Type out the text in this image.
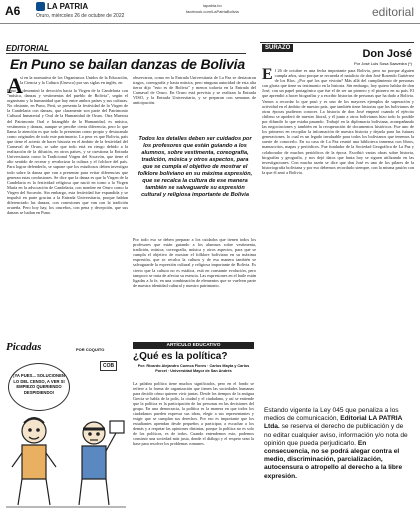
A6	LA PATRIA
Oruro, miércoles 26 de octubre de 2022
lapatria.bo
facebook.com/LaPatriaBolivia	editorial
EDITORIAL
En Puno se bailan danzas de Bolivia
A
sí en la normativa de los Organismos Unidos de la Educación, la Ciencia y la Cultura (Unesco) por sus siglas en inglés, en
Puno se denominó la devoción hacia la Virgen de la Candelaria con "música, danzas y vestimentas del pueblo de Bolivia", según el organismo y la humanidad que hay entre ambos países y sus culturas. No obstante, en Puno, Perú, se presenta la festividad de la Virgen de la Candelaria con danzas, que claramente son parte del Patrimonio Cultural Inmaterial y Oral de la Humanidad de Oruro. Otra Muestra del Patrimonio Oral e Intangible de la Humanidad, es música, vestimenta y danzas, aunque se percibe cierta diferencia, pero lo que llama la atención es que todo lo presentan como propio y destacando como originales de todo este patrimonio. Lo peor es que Bolivia, país que tiene el acierto de hacer historia en el ámbito de la festividad del Carnaval de Oruro, se sabe que todo está en riesgo debido a la realización de la difusión, en otros países, y se cuestiona la Entrada Universitaria como la Tradicional Virgen del Socavón, que tiene el alto sentido de recrear y revalorizar la cultura y el folclore del país. Para lograr defenderlo, se supone que los estudiosos deben investigar todo sobre la danza que van a presentar para evitar diferencias que generan estas confusiones. Se dice que la danza es que la Virgen de la Candelaria es la festividad religiosa que nació en torno a la Virgen María en la advocación de Candelaria, con nombre en Oruro como la Virgen del Socavón. Sin embargo, esta festividad fue expandida y se impulsó en parte gracias a la Entrada Universitaria, porque habían diferenciado las danzas, con conexiones que van con la tradición orureña. Pero hoy hay, los orureños, con pena y decepción, que sus danzas se bailan en Puno.
observaron, como en la Entrada Universitaria de La Paz se destacaron tragos, coreografía y hasta música, pero ninguna autoridad de esta alta tierra dijo "esto es de Bolivia" y menos todavía en la Entrada del Carnaval de Oruro. En Oruro está prevista y se realizan la Entrada VISO, y la Entrada Universitaria, y se preparan con semanas de anticipación.
Todos los detalles deben ser cuidados por los profesores que están guiando a los alumnos, sobre vestimenta, coreografía, tradición, música y otros aspectos, para que se cumpla el objetivo de mostrar el folklore boliviano en su máxima expresión, que se recalca la cultura de ese manera también se salvaguarde su expresión cultural y religiosa importante de Bolivia
Por todo eso se deben preparar a los cuidados que tienen todos los profesores que están guiando a los alumnos sobre vestimenta, tradición, música, coreografía, música y otros aspectos, para que se cumpla el objetivo de mostrar el folklore boliviano en su máxima expresión, que se recalca la cultura y de esa manera también se salvaguarde la expresión cultural y religiosa importante de Bolivia. Es cierto que la cultura no es estática, está en constante evolución, pero tampoco se trata de afectar su esencia. Las expresiones en el baile están ligadas a la fe, en una combinación de elementos que se vuelven parte de nuestra identidad cultural y nuestro patrimonio.
SURAZO	Don José
Por José Luis Sosa Saavedra (*)
El 26 de octubre es una fecha importante para Bolivia, pero no porque alguien cumpla años, sino porque se recuerda el natalicio de don José Rosendo Gutiérrez de los Ríos. ¿Por qué los que vivirán? Más allá del cumplimiento de personas con gloria que tiene su testimonio en la historia. Sin embargo, hoy quiero hablar de don José, con un papel protagónico que fue el de ser un pionero y el pionero en su país. El que aprendió a hacer biografías y a escribir historias de personas que ha dado a Bolivia. Vamos a recordar lo que pasó y es uno de los mayores ejemplos de superación y actividad en el ámbito de nuestro país, que también tiene historias que los bolivianos de otras épocas pudieron conocer. La historia de don José empezó cuando el ejército chileno se apoderó de nuestro litoral, y él junto a otros bolivianos hizo todo lo posible por difundir lo que estaba pasando. Trabajó en la diplomacia boliviana, acompañando las negociaciones y también en la recuperación de documentos históricos. Fue uno de los primeros en recopilar la información de nuestra historia y dejarla para las futuras generaciones, lo cual es un legado invaluable para todos los bolivianos que tenemos la suerte de conocerlo. En su casa de La Paz reunió una biblioteca inmensa con libros, manuscritos, mapas y periódicos. Fue fundador de la Sociedad Geográfica de La Paz y colaborador de muchos periódicos de la época. Escribió varias obras sobre historia, biografías y geografía, y nos dejó datos que hasta hoy se siguen utilizando en las investigaciones. Con mucha razón se dice que don José es uno de los pilares de la historiografía boliviana y por eso debemos recordarlo siempre, con la misma pasión con la que él amó a Bolivia.
Picadas	POR COQUITO
¡YA PUES... SOLUCIONEN LO DEL CENSO, A VER SI EMPIEZO QUERIENDO DESPIDIENDO!
COB
ARTÍCULO EDUCATIVO
¿Qué es la política?
Por: Ricardo Alejandro Cuenca Flores · Carlos Mayta y Carlos Porcel · Universidad Mayor de San Andrés
La palabra política tiene muchos significados, pero en el fondo se refiere a la forma de organización que tienen las sociedades humanas para decidir cómo quieren vivir juntas. Desde los tiempos de la antigua Grecia se habla de la polis, la ciudad y el ciudadano, y así se entiende que la política es la participación de las personas en las decisiones del grupo. En una democracia, la política es la manera en que todos los ciudadanos pueden expresar sus ideas, elegir a sus representantes y exigir que se cumplan sus derechos. Por eso es importante que los estudiantes aprendan desde pequeños a participar, a escuchar a los demás y a respetar las opiniones distintas, porque la política no es solo de los políticos, es de todos. Cuando entendemos esto, podemos construir una sociedad más justa, donde el diálogo y el respeto sean la base para resolver los problemas comunes.
Estando vigente la Ley 045 que penaliza a los medios de comunicación, Editorial LA PATRIA Ltda. se reserva el derecho de publicación y de no editar cualquier aviso, información y/o nota de opinión que pueda perjudicarlo. En consecuencia, no se podrá alegar contra el medio, discriminación, parcialización, autocensura o atropello al derecho a la libre expresión.
